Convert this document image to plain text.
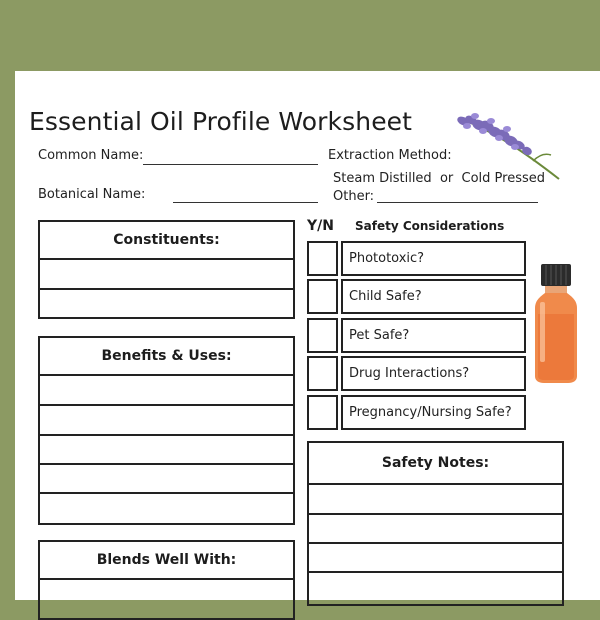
Essential Oil Profile Worksheet
Common Name:	Extraction Method:
Steam Distilled  or  Cold Pressed
Botanical Name:	Other:
Constituents:
Benefits & Uses:
Blends Well With:
Y/N Safety Considerations
Phototoxic?
Child Safe?
Pet Safe?
Drug Interactions?
Pregnancy/Nursing Safe?
Safety Notes:
